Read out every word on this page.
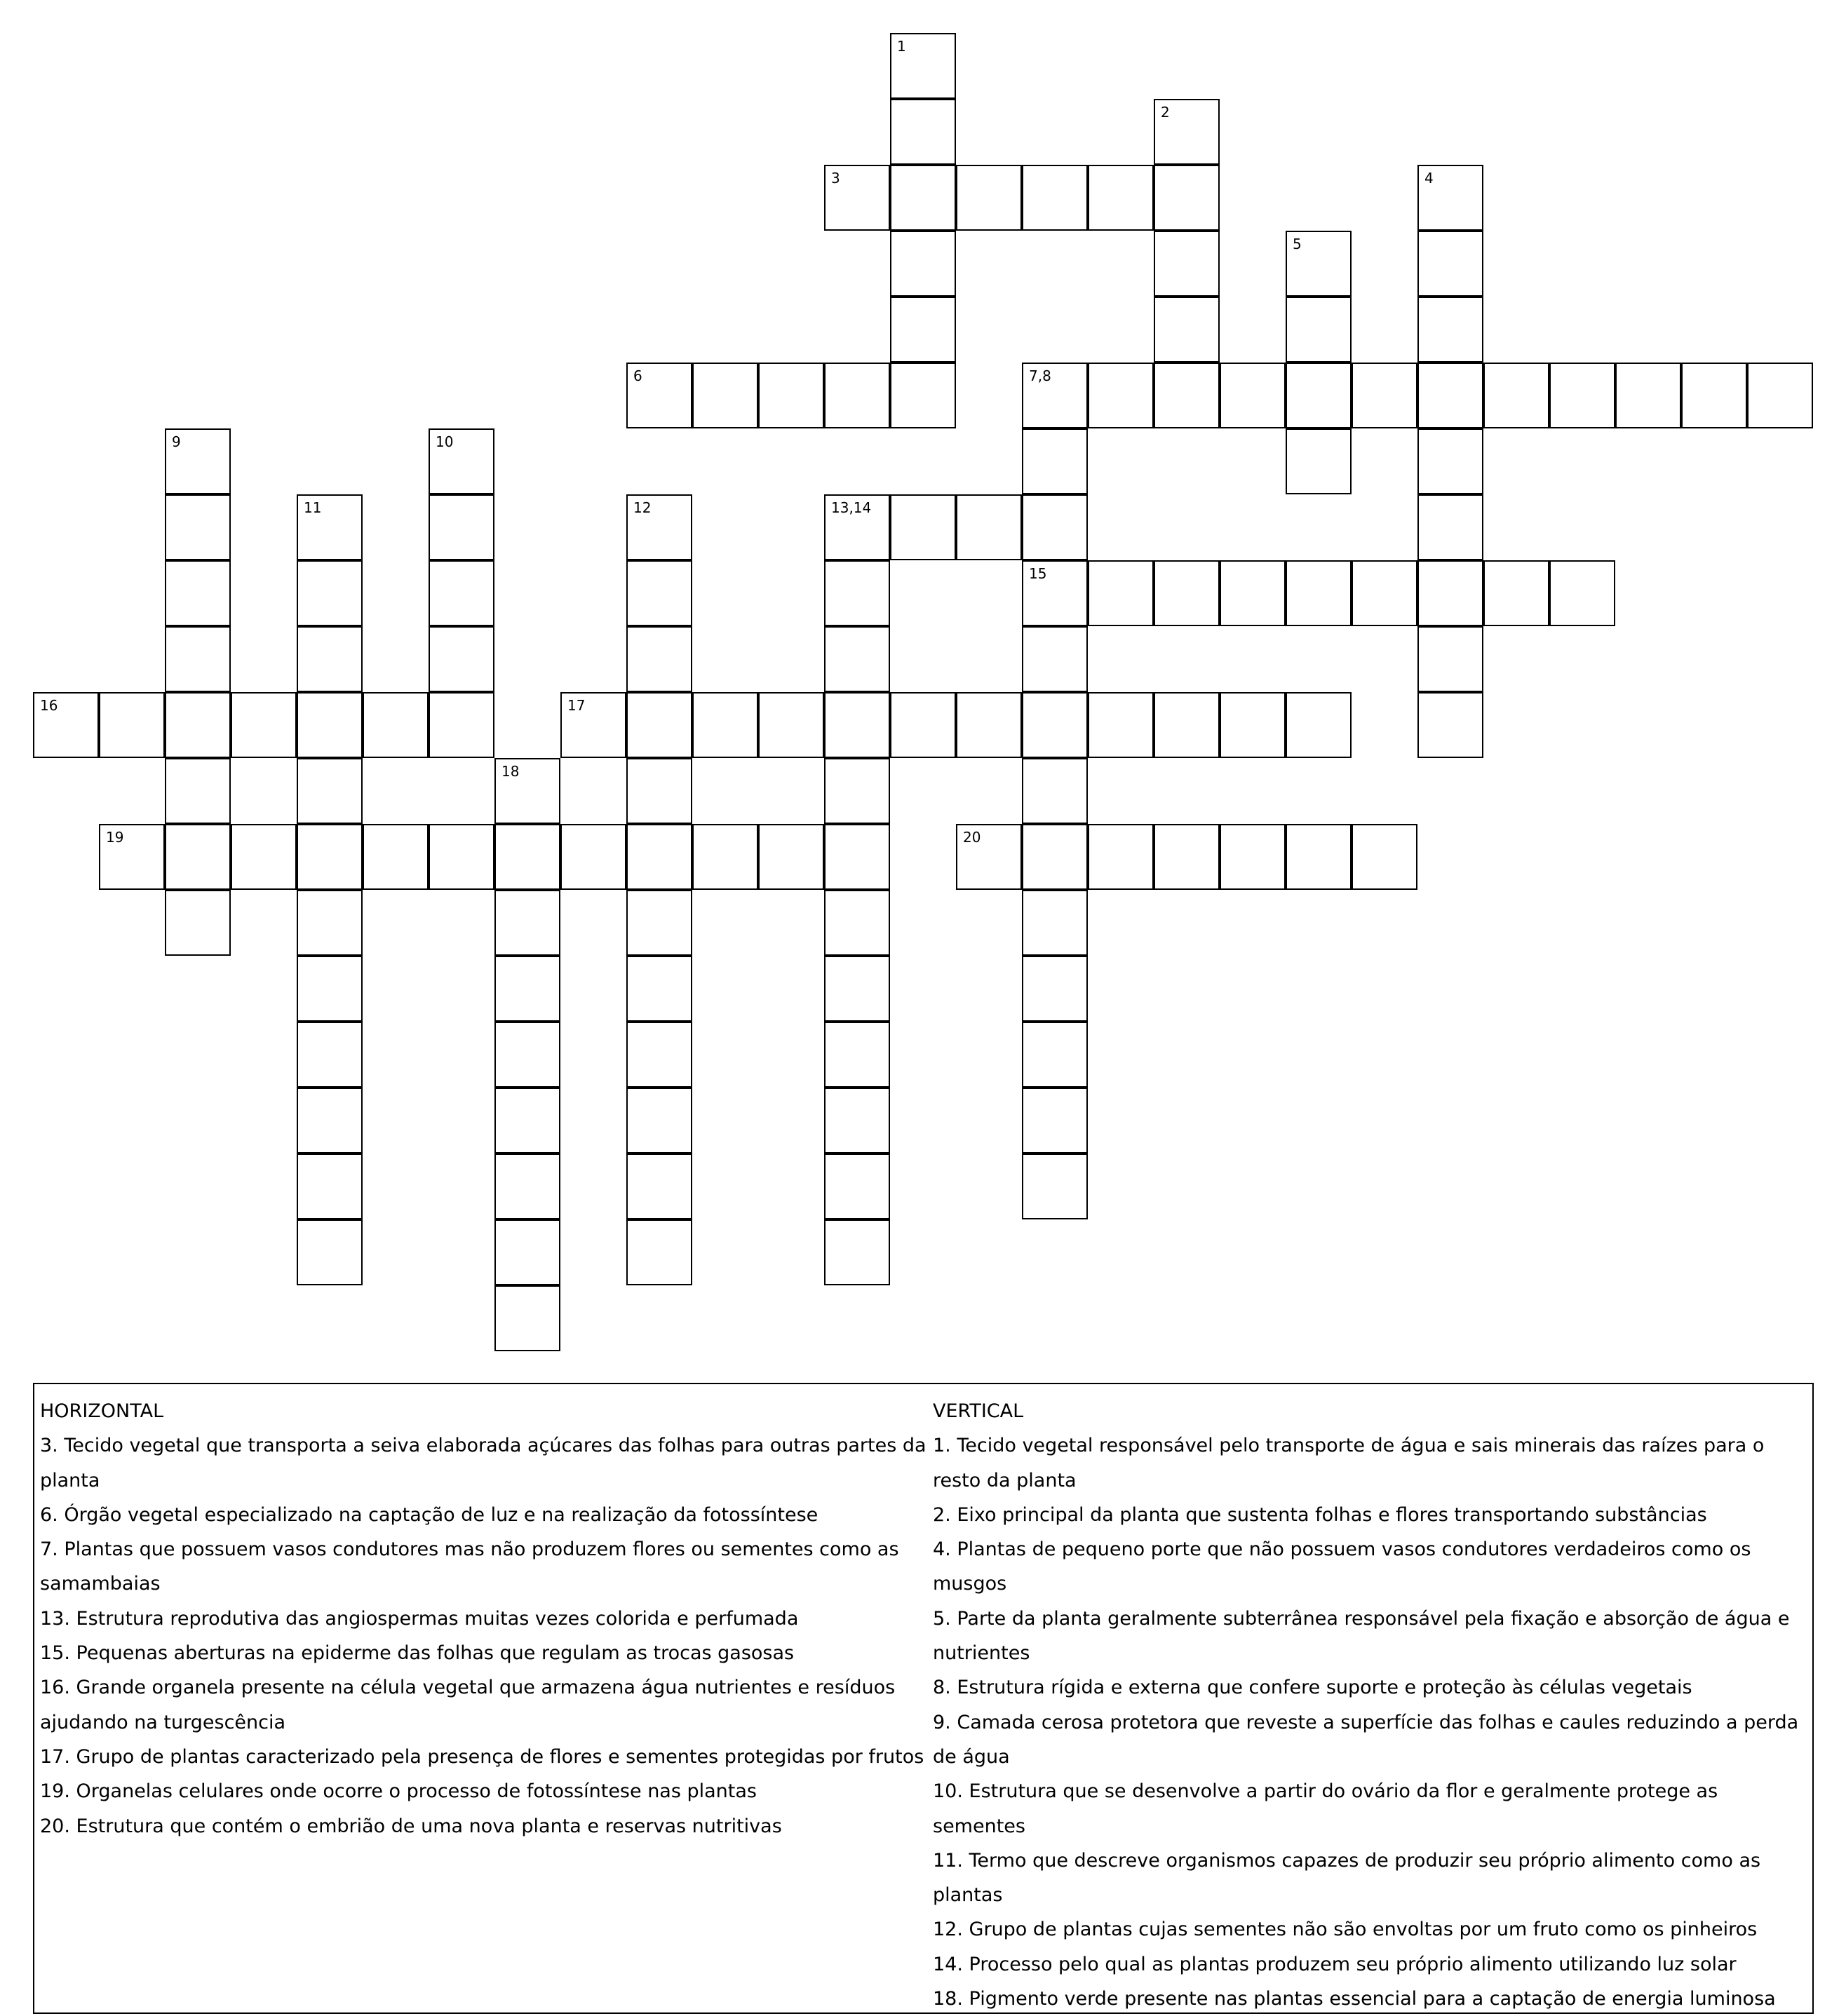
1
2
3	4
5
6	7,8
15
9	10
11	12	13,14
16	17
18
19	20
HORIZONTAL
3. Tecido vegetal que transporta a seiva elaborada açúcares das folhas para outras partes da planta
6. Órgão vegetal especializado na captação de luz e na realização da fotossíntese
7. Plantas que possuem vasos condutores mas não produzem flores ou sementes como as samambaias
13. Estrutura reprodutiva das angiospermas muitas vezes colorida e perfumada
15. Pequenas aberturas na epiderme das folhas que regulam as trocas gasosas
16. Grande organela presente na célula vegetal que armazena água nutrientes e resíduos ajudando na turgescência
17. Grupo de plantas caracterizado pela presença de flores e sementes protegidas por frutos
19. Organelas celulares onde ocorre o processo de fotossíntese nas plantas
20. Estrutura que contém o embrião de uma nova planta e reservas nutritivas
VERTICAL
1. Tecido vegetal responsável pelo transporte de água e sais minerais das raízes para o resto da planta
2. Eixo principal da planta que sustenta folhas e flores transportando substâncias
4. Plantas de pequeno porte que não possuem vasos condutores verdadeiros como os musgos
5. Parte da planta geralmente subterrânea responsável pela fixação e absorção de água e nutrientes
8. Estrutura rígida e externa que confere suporte e proteção às células vegetais
9. Camada cerosa protetora que reveste a superfície das folhas e caules reduzindo a perda de água
10. Estrutura que se desenvolve a partir do ovário da flor e geralmente protege as sementes
11. Termo que descreve organismos capazes de produzir seu próprio alimento como as plantas
12. Grupo de plantas cujas sementes não são envoltas por um fruto como os pinheiros
14. Processo pelo qual as plantas produzem seu próprio alimento utilizando luz solar
18. Pigmento verde presente nas plantas essencial para a captação de energia luminosa
